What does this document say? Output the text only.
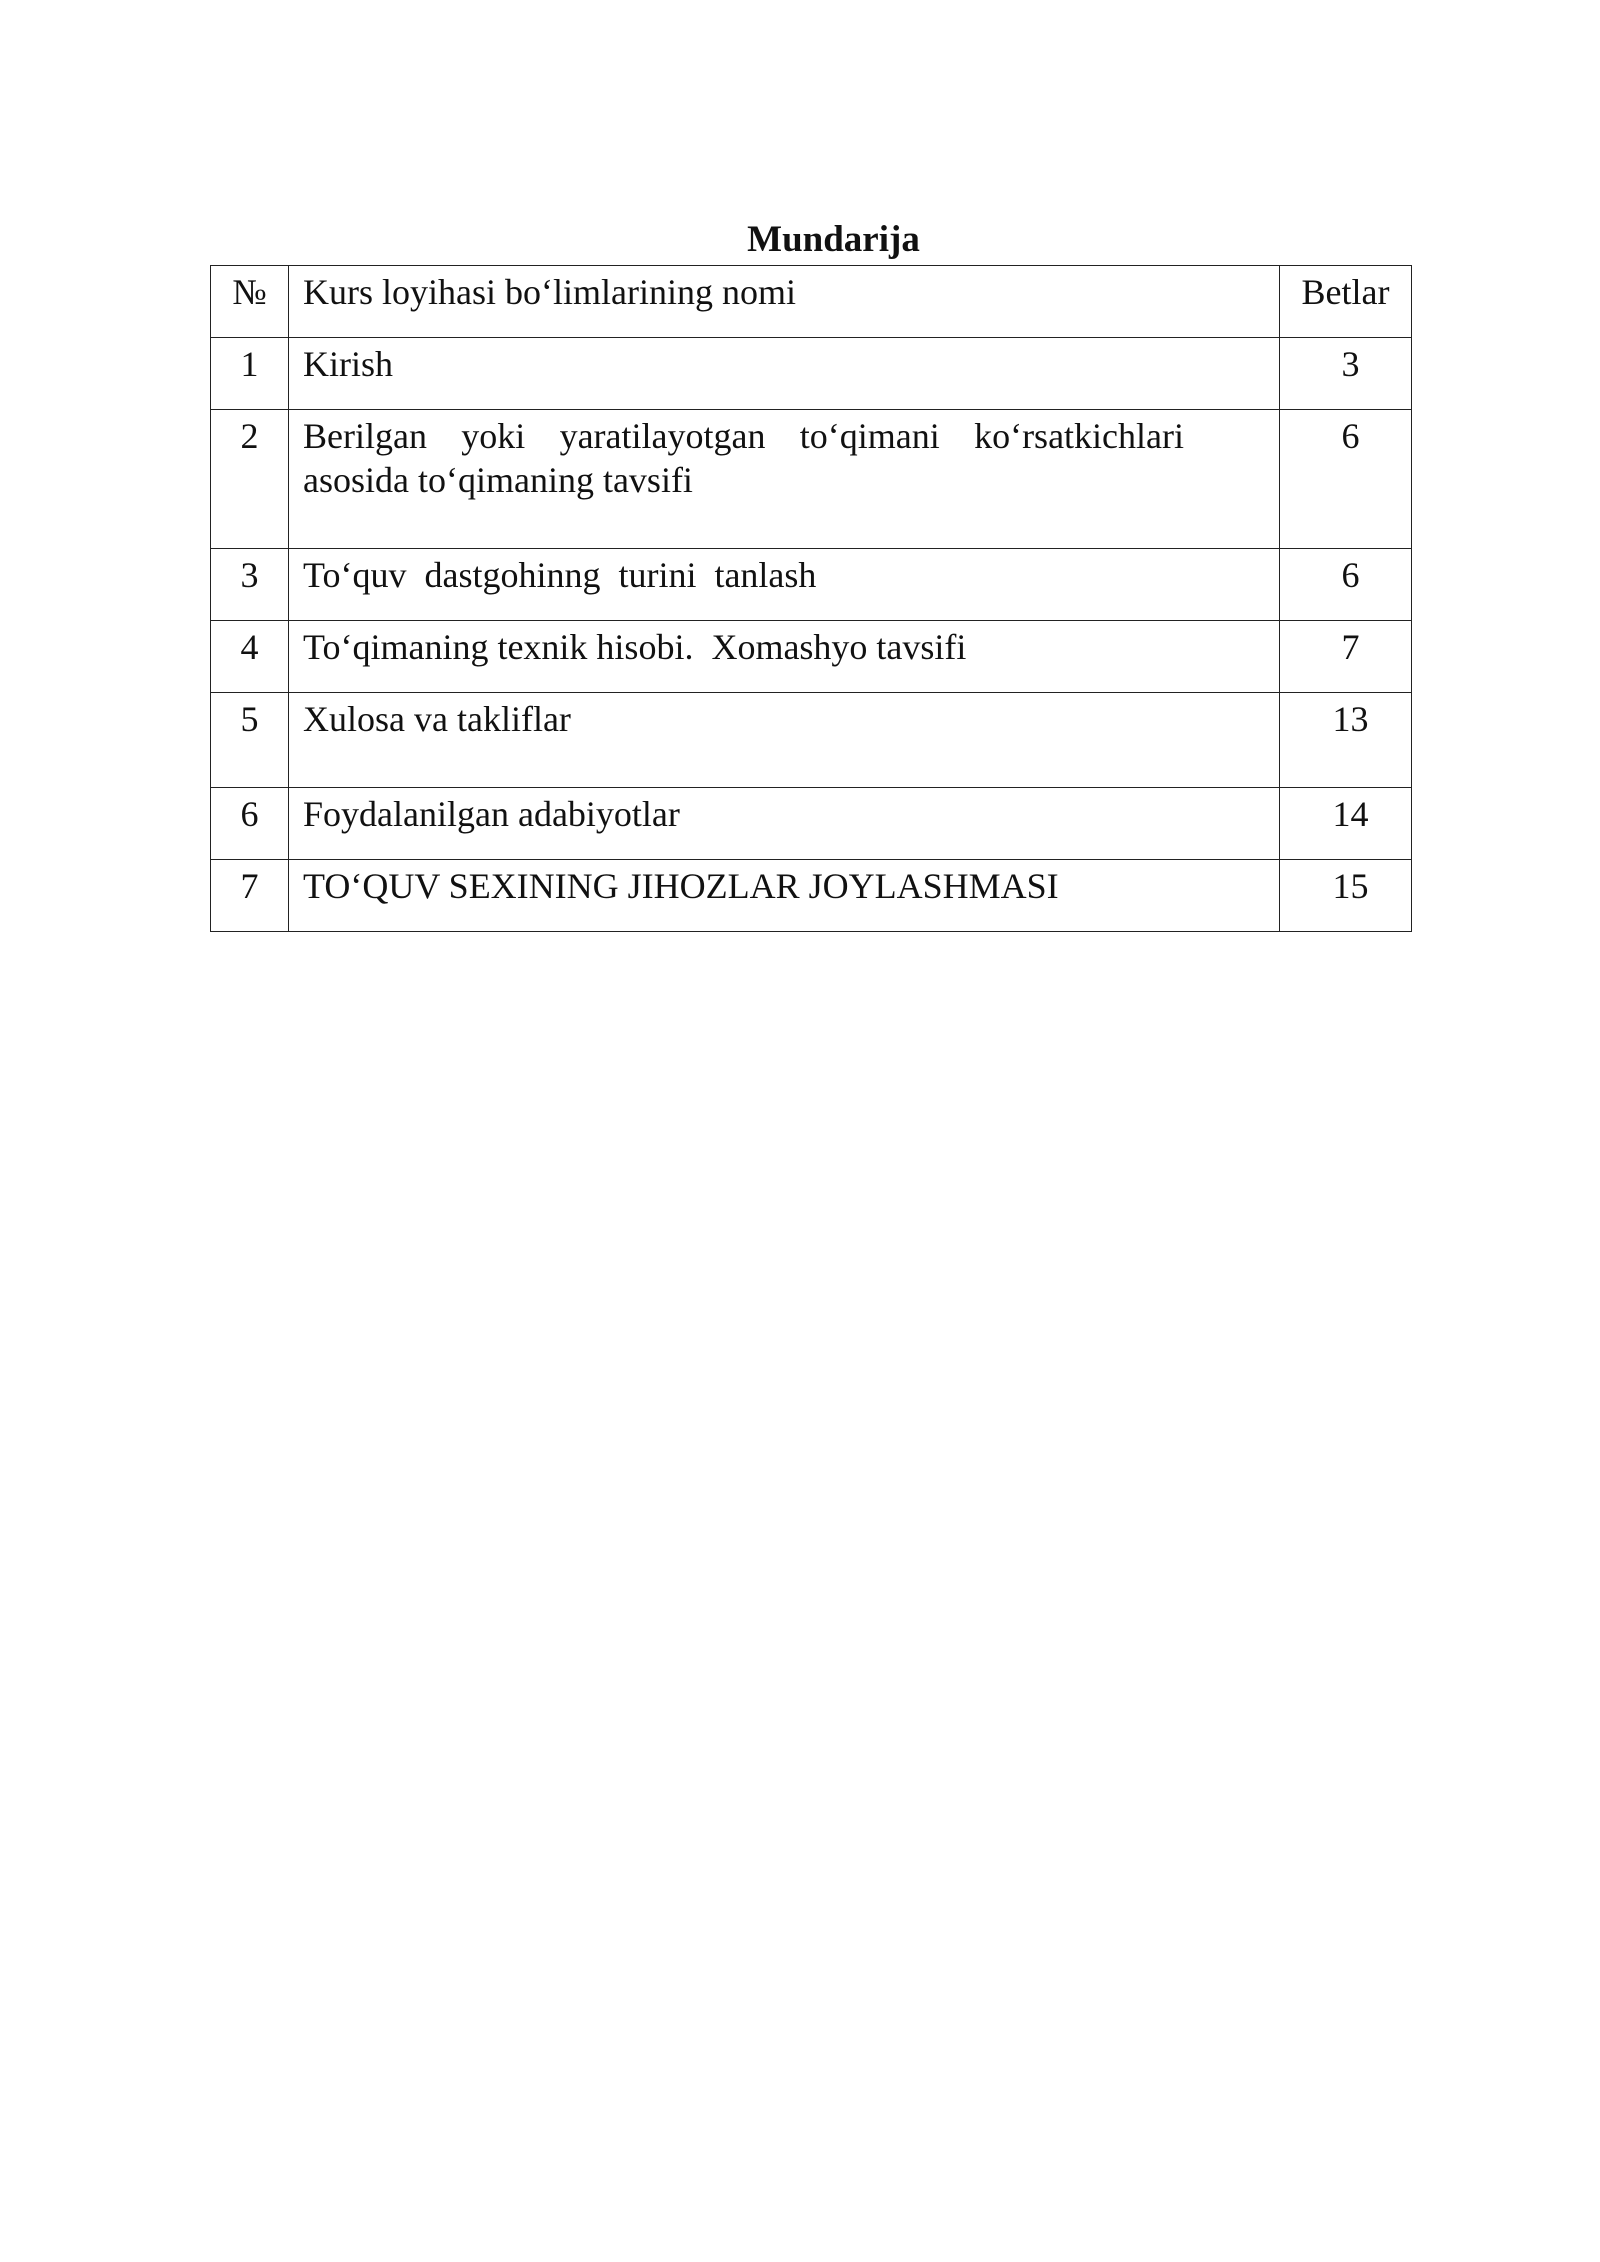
Mundarija
№	Kurs loyihasi bo‘limlarining nomi	Betlar
1	Kirish	3
2	Berilgan yoki yaratilayotgan to‘qimani ko‘rsatkichlari asosida to‘qimaning tavsifi	6
3	To‘quv  dastgohinng  turini  tanlash	6
4	To‘qimaning texnik hisobi.  Xomashyo tavsifi	7
5	Xulosa va takliflar	13
6	Foydalanilgan adabiyotlar	14
7	TO‘QUV SEXINING JIHOZLAR JOYLASHMASI	15
